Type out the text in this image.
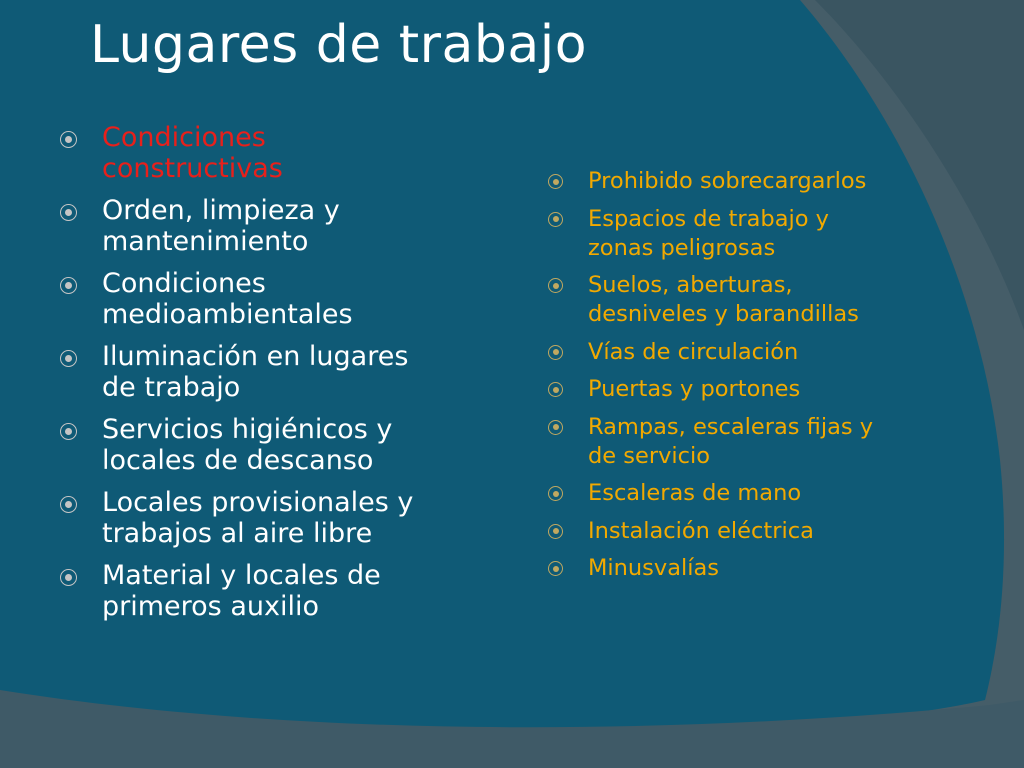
Lugares de trabajo
Condiciones
constructivas
Orden, limpieza y
mantenimiento
Condiciones
medioambientales
Iluminación en lugares
de trabajo
Servicios higiénicos y
locales de descanso
Locales provisionales y
trabajos al aire libre
Material y locales de
primeros auxilio
Prohibido sobrecargarlos
Espacios de trabajo y
zonas peligrosas
Suelos, aberturas,
desniveles y barandillas
Vías de circulación
Puertas y portones
Rampas, escaleras fijas y
de servicio
Escaleras de mano
Instalación eléctrica
Minusvalías
